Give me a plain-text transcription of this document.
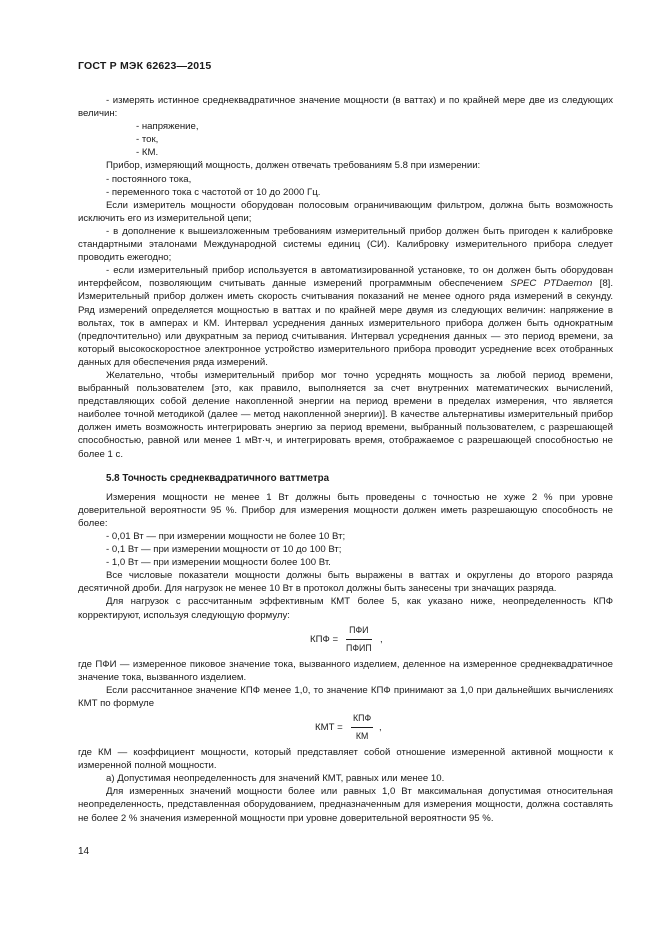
ГОСТ Р МЭК 62623—2015

- измерять истинное среднеквадратичное значение мощности (в ваттах) и по крайней мере две из следующих величин:

- напряжение,

- ток,

- КМ.

Прибор, измеряющий мощность, должен отвечать требованиям 5.8 при измерении:

- постоянного тока,

- переменного тока с частотой от 10 до 2000 Гц.

Если измеритель мощности оборудован полосовым ограничивающим фильтром, должна быть возможность исключить его из измерительной цепи;

- в дополнение к вышеизложенным требованиям измерительный прибор должен быть пригоден к калибровке стандартными эталонами Международной системы единиц (СИ). Калибровку измерительного прибора следует проводить ежегодно;

- если измерительный прибор используется в автоматизированной установке, то он должен быть оборудован интерфейсом, позволяющим считывать данные измерений программным обеспечением SPEC PTDaemon [8]. Измерительный прибор должен иметь скорость считывания показаний не менее одного ряда измерений в секунду. Ряд измерений определяется мощностью в ваттах и по крайней мере двумя из следующих величин: напряжение в вольтах, ток в амперах и КМ. Интервал усреднения данных измерительного прибора должен быть однократным (предпочтительно) или двукратным за период считывания. Интервал усреднения данных — это период времени, за который высокоскоростное электронное устройство измерительного прибора проводит усреднение всех отобранных данных для обеспечения ряда измерений.

Желательно, чтобы измерительный прибор мог точно усреднять мощность за любой период времени, выбранный пользователем [это, как правило, выполняется за счет внутренних математических вычислений, представляющих собой деление накопленной энергии на период времени в пределах измерения, что является наиболее точной методикой (далее — метод накопленной энергии)]. В качестве альтернативы измерительный прибор должен иметь возможность интегрировать энергию за период времени, выбранный пользователем, с разрешающей способностью, равной или менее 1 мВт·ч, и интегрировать время, отображаемое с разрешающей способностью не более 1 с.

5.8 Точность среднеквадратичного ваттметра

Измерения мощности не менее 1 Вт должны быть проведены с точностью не хуже 2 % при уровне доверительной вероятности 95 %. Прибор для измерения мощности должен иметь разрешающую способность не более:

- 0,01 Вт — при измерении мощности не более 10 Вт;

- 0,1 Вт — при измерении мощности от 10 до 100 Вт;

- 1,0 Вт — при измерении мощности более 100 Вт.

Все числовые показатели мощности должны быть выражены в ваттах и округлены до второго разряда десятичной дроби. Для нагрузок не менее 10 Вт в протокол должны быть занесены три значащих разряда.

Для нагрузок с рассчитанным эффективным КМТ более 5, как указано ниже, неопределенность КПФ корректируют, используя следующую формулу:

КПФ =
ПФИ
ПФИП
,

где ПФИ — измеренное пиковое значение тока, вызванного изделием, деленное на измеренное среднеквадратичное значение тока, вызванного изделием.

Если рассчитанное значение КПФ менее 1,0, то значение КПФ принимают за 1,0 при дальнейших вычислениях КМТ по формуле

КМТ =
КПФ
КМ
,

где КМ — коэффициент мощности, который представляет собой отношение измеренной активной мощности к измеренной полной мощности.

а) Допустимая неопределенность для значений КМТ, равных или менее 10.

Для измеренных значений мощности более или равных 1,0 Вт максимальная допустимая относительная неопределенность, представленная оборудованием, предназначенным для измерения мощности, должна составлять не более 2 % значения измеренной мощности при уровне доверительной вероятности 95 %.

14
